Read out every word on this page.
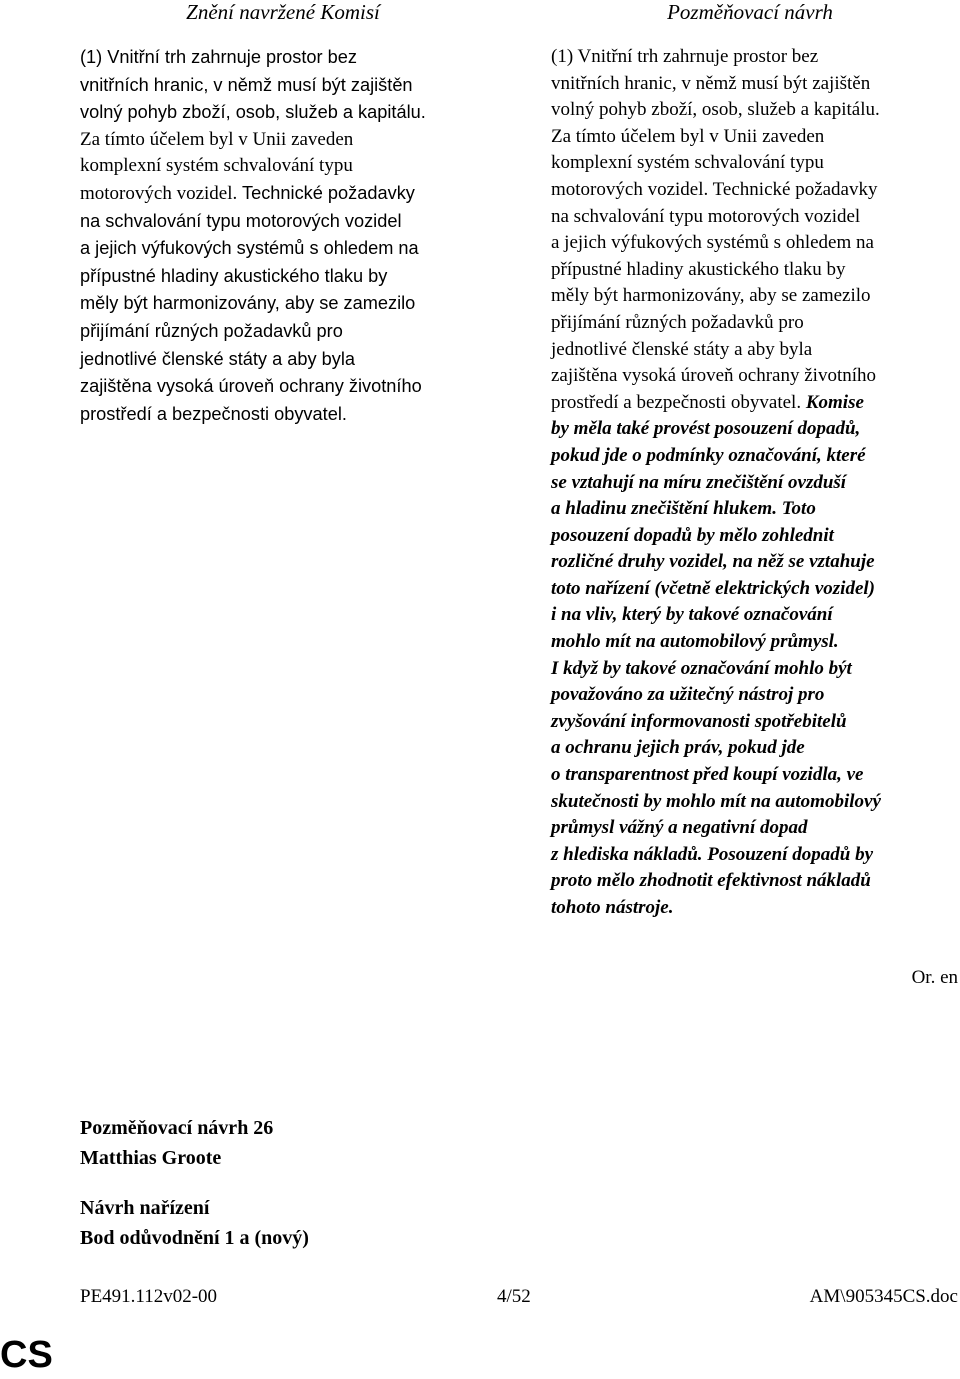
Znění navržené Komisí	Pozměňovací návrh
(1) Vnitřní trh zahrnuje prostor bez
vnitřních hranic, v němž musí být zajištěn
volný pohyb zboží, osob, služeb a kapitálu.
Za tímto účelem byl v Unii zaveden
komplexní systém schvalování typu
motorových vozidel. Technické požadavky
na schvalování typu motorových vozidel
a jejich výfukových systémů s ohledem na
přípustné hladiny akustického tlaku by
měly být harmonizovány, aby se zamezilo
přijímání různých požadavků pro
jednotlivé členské státy a aby byla
zajištěna vysoká úroveň ochrany životního
prostředí a bezpečnosti obyvatel.
(1) Vnitřní trh zahrnuje prostor bez
vnitřních hranic, v němž musí být zajištěn
volný pohyb zboží, osob, služeb a kapitálu.
Za tímto účelem byl v Unii zaveden
komplexní systém schvalování typu
motorových vozidel. Technické požadavky
na schvalování typu motorových vozidel
a jejich výfukových systémů s ohledem na
přípustné hladiny akustického tlaku by
měly být harmonizovány, aby se zamezilo
přijímání různých požadavků pro
jednotlivé členské státy a aby byla
zajištěna vysoká úroveň ochrany životního
prostředí a bezpečnosti obyvatel. Komise
by měla také provést posouzení dopadů,
pokud jde o podmínky označování, které
se vztahují na míru znečištění ovzduší
a hladinu znečištění hlukem. Toto
posouzení dopadů by mělo zohlednit
rozličné druhy vozidel, na něž se vztahuje
toto nařízení (včetně elektrických vozidel)
i na vliv, který by takové označování
mohlo mít na automobilový průmysl.
I když by takové označování mohlo být
považováno za užitečný nástroj pro
zvyšování informovanosti spotřebitelů
a ochranu jejich práv, pokud jde
o transparentnost před koupí vozidla, ve
skutečnosti by mohlo mít na automobilový
průmysl vážný a negativní dopad
z hlediska nákladů. Posouzení dopadů by
proto mělo zhodnotit efektivnost nákladů
tohoto nástroje.
Or. en
Pozměňovací návrh 26
Matthias Groote
Návrh nařízení
Bod odůvodnění 1 a (nový)
PE491.112v02-00	4/52	AM\905345CS.doc
CS
